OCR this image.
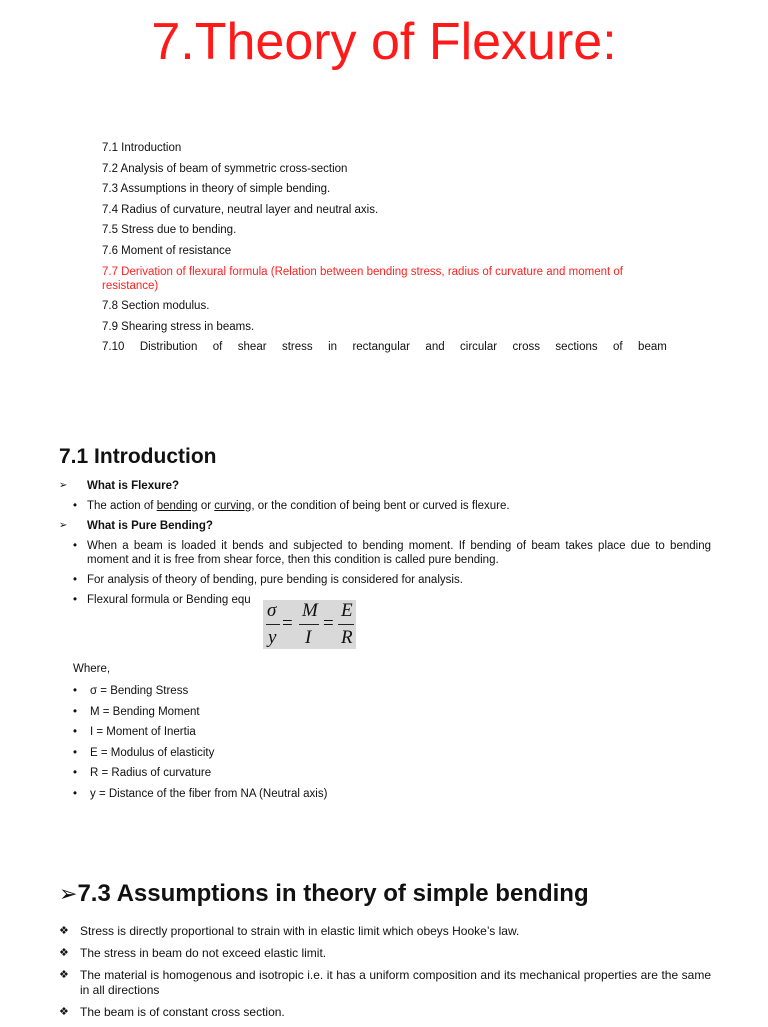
7.Theory of Flexure:
7.1 Introduction
7.2 Analysis of beam of symmetric cross-section
7.3 Assumptions in theory of simple bending.
7.4 Radius of curvature, neutral layer and neutral axis.
7.5 Stress due to bending.
7.6 Moment of resistance
7.7 Derivation of flexural formula (Relation between bending stress, radius of curvature and moment of resistance)
7.8 Section modulus.
7.9 Shearing stress in beams.
7.10 Distribution of shear stress in rectangular and circular cross sections of beam
7.1 Introduction
➢ What is Flexure?
• The action of bending or curving, or the condition of being bent or curved is flexure.
➢ What is Pure Bending?
• When a beam is loaded it bends and subjected to bending moment. If bending of beam takes place due to bending moment and it is free from shear force, then this condition is called pure bending.
• For analysis of theory of bending, pure bending is considered for analysis.
• Flexural formula or Bending equ σ
y
=
M
I
=
E
R
Where,
• σ = Bending Stress
• M = Bending Moment
• I = Moment of Inertia
• E = Modulus of elasticity
• R = Radius of curvature
• y = Distance of the fiber from NA (Neutral axis)
➢7.3 Assumptions in theory of simple bending
❖ Stress is directly proportional to strain with in elastic limit which obeys Hooke’s law.
❖ The stress in beam do not exceed elastic limit.
❖ The material is homogenous and isotropic i.e. it has a uniform composition and its mechanical properties are the same in all directions
❖ The beam is of constant cross section.
